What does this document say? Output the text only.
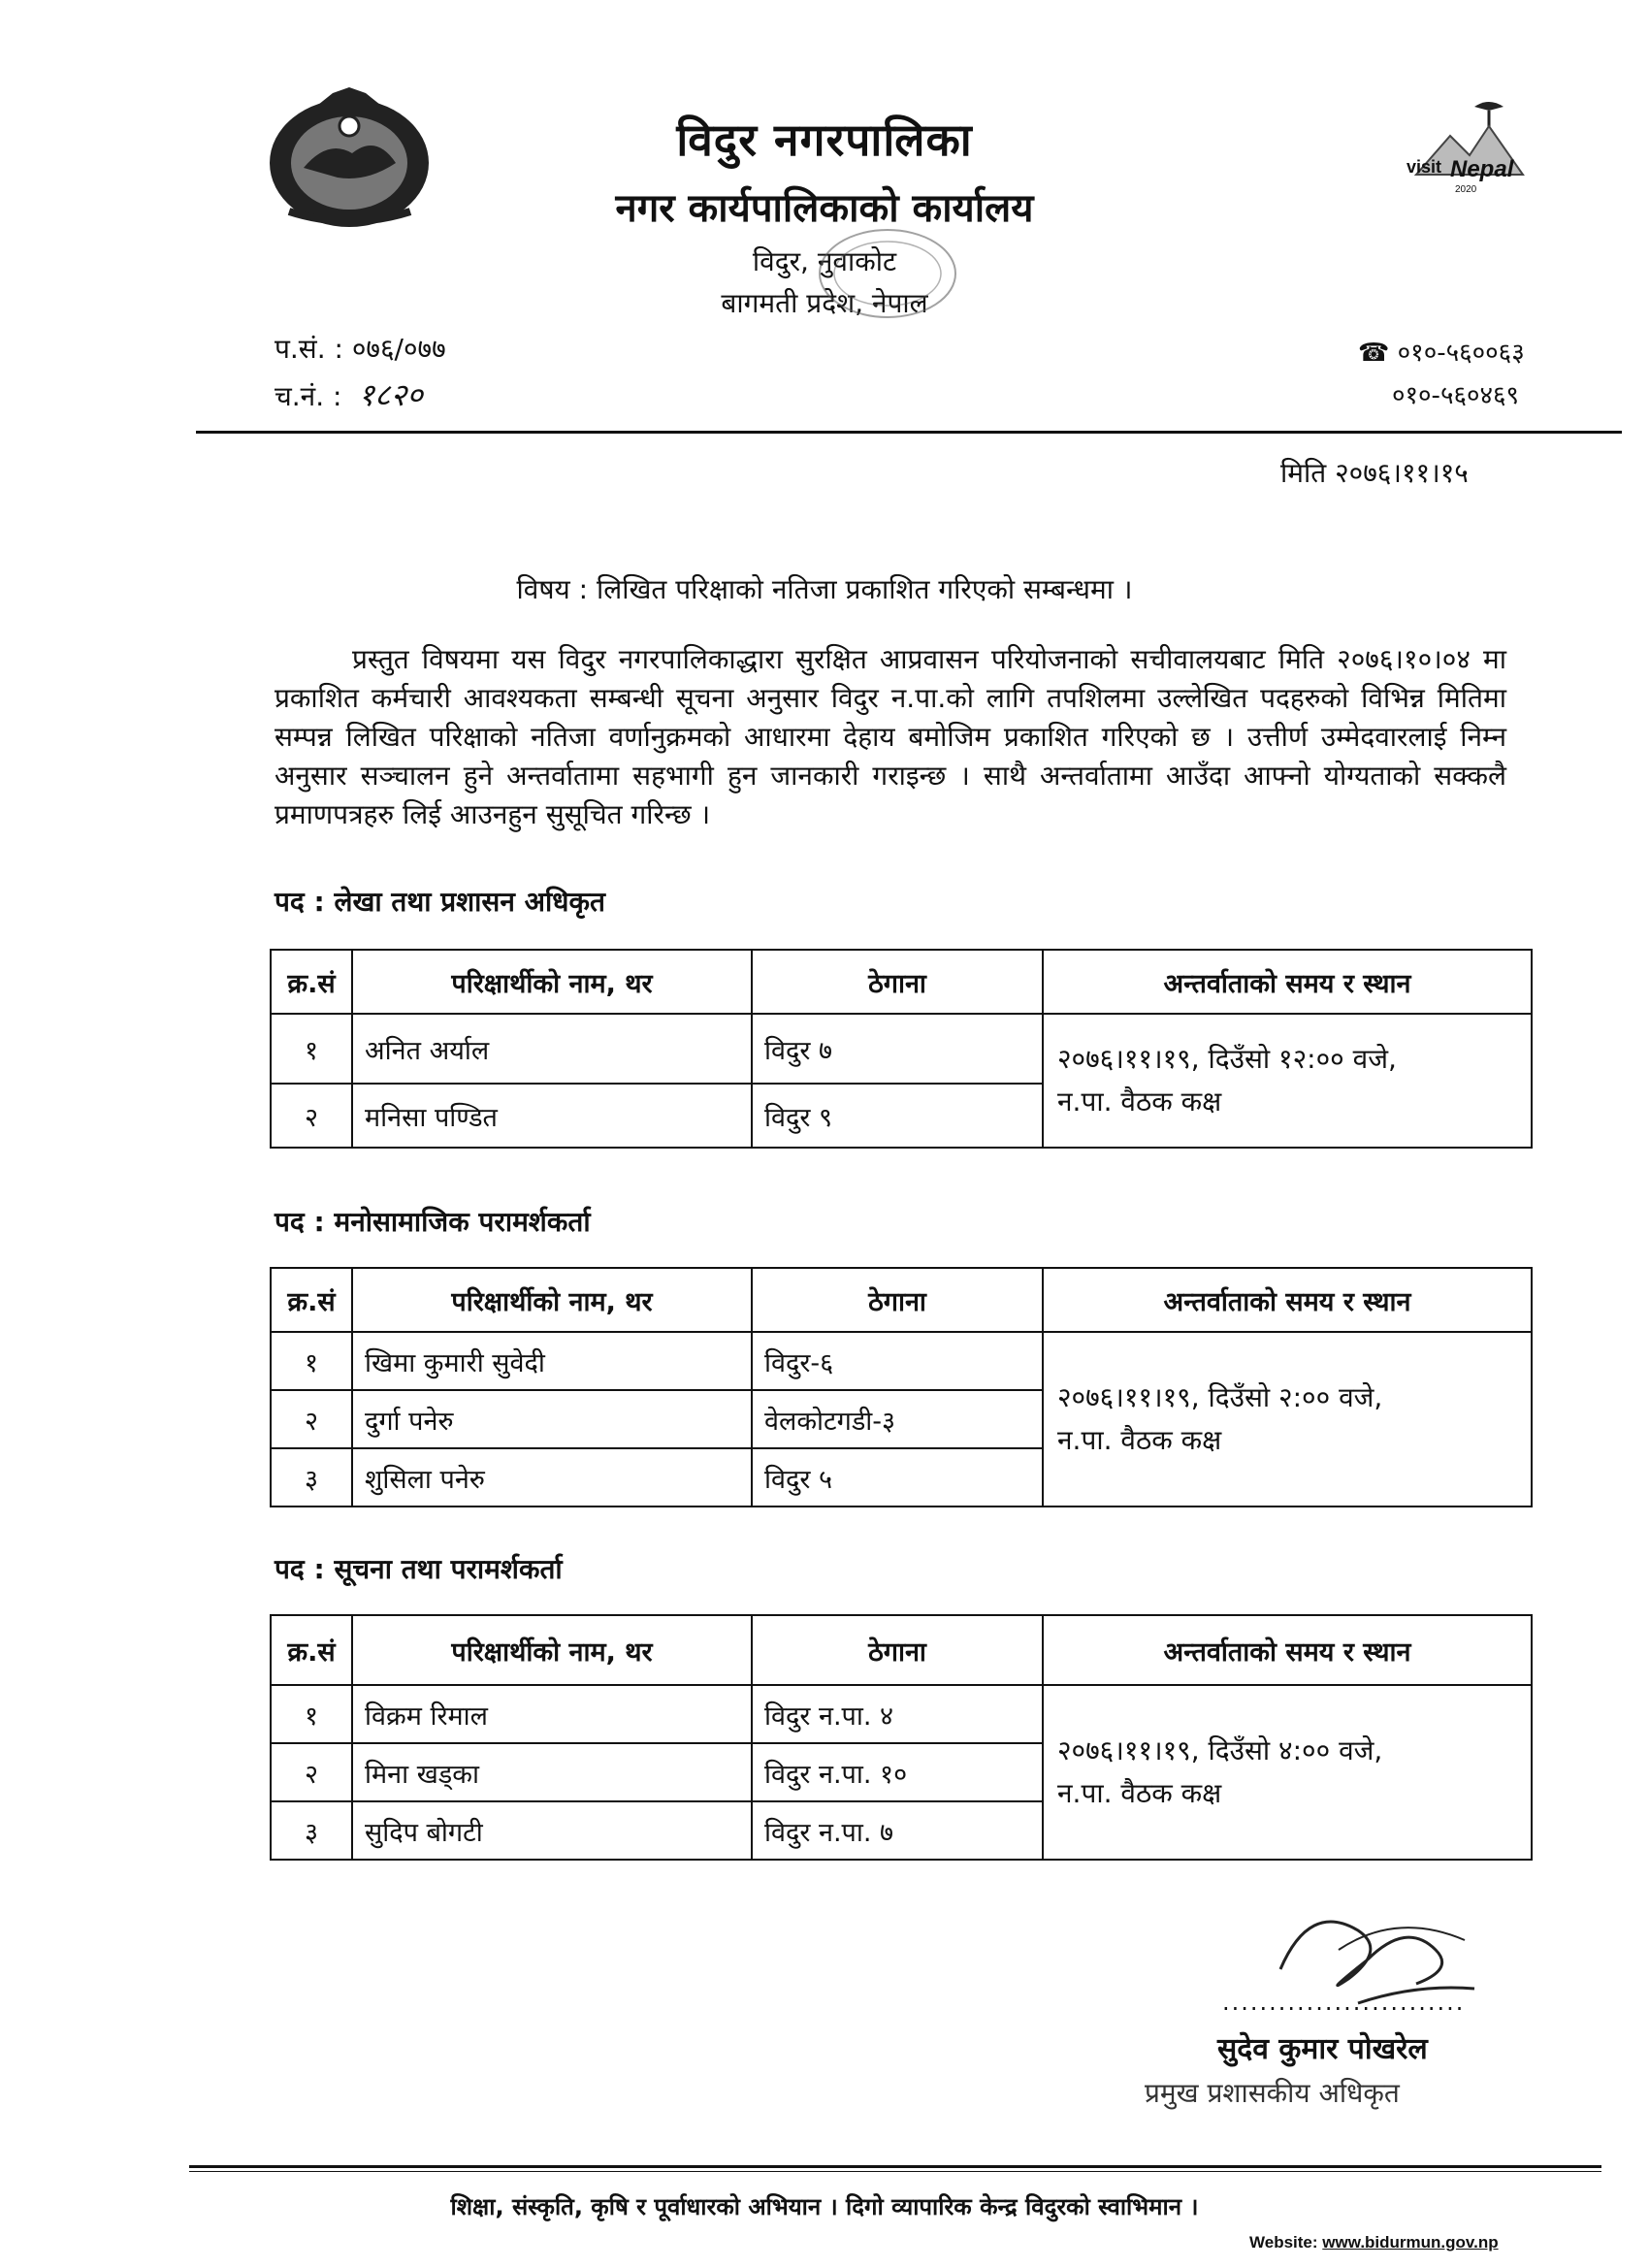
visit Nepal
2020
विदुर नगरपालिका
नगर कार्यपालिकाको कार्यालय
विदुर, नुवाकोट
बागमती प्रदेश, नेपाल
प.सं. : ०७६/०७७
च.नं. : १८२०
☎ ०१०-५६००६३
०१०-५६०४६९
मिति २०७६।११।१५
विषय : लिखित परिक्षाको नतिजा प्रकाशित गरिएको सम्बन्धमा ।
प्रस्तुत विषयमा यस विदुर नगरपालिकाद्धारा सुरक्षित आप्रवासन परियोजनाको सचीवालयबाट मिति २०७६।१०।०४ मा प्रकाशित कर्मचारी आवश्यकता सम्बन्धी सूचना अनुसार विदुर न.पा.को लागि तपशिलमा उल्लेखित पदहरुको विभिन्न मितिमा सम्पन्न लिखित परिक्षाको नतिजा वर्णानुक्रमको आधारमा देहाय बमोजिम प्रकाशित गरिएको छ । उत्तीर्ण उम्मेदवारलाई निम्न अनुसार सञ्चालन हुने अन्तर्वातामा सहभागी हुन जानकारी गराइन्छ । साथै अन्तर्वातामा आउँदा आफ्नो योग्यताको सक्कलै प्रमाणपत्रहरु लिई आउनहुन सुसूचित गरिन्छ ।
पद : लेखा तथा प्रशासन अधिकृत
क्र.सं	परिक्षार्थीको नाम, थर	ठेगाना	अन्तर्वाताको समय र स्थान
१	अनित अर्याल	विदुर ७	२०७६।११।१९, दिउँसो १२:०० वजे,
न.पा. वैठक कक्ष

२	मनिसा पण्डित	विदुर ९	
पद : मनोसामाजिक परामर्शकर्ता
क्र.सं	परिक्षार्थीको नाम, थर	ठेगाना	अन्तर्वाताको समय र स्थान
१	खिमा कुमारी सुवेदी	विदुर-६	२०७६।११।१९, दिउँसो २:०० वजे,
न.पा. वैठक कक्ष

२	दुर्गा पनेरु	वेलकोटगडी-३	
३	शुसिला पनेरु	विदुर ५	
पद : सूचना तथा परामर्शकर्ता
क्र.सं	परिक्षार्थीको नाम, थर	ठेगाना	अन्तर्वाताको समय र स्थान
१	विक्रम रिमाल	विदुर न.पा. ४	२०७६।११।१९, दिउँसो ४:०० वजे,
न.पा. वैठक कक्ष

२	मिना खड्का	विदुर न.पा. १०	
३	सुदिप बोगटी	विदुर न.पा. ७	
..........................
सुदेव कुमार पोखरेल
प्रमुख प्रशासकीय अधिकृत
शिक्षा, संस्कृति, कृषि र पूर्वाधारको अभियान । दिगो व्यापारिक केन्द्र विदुरको स्वाभिमान ।
Website: www.bidurmun.gov.np
